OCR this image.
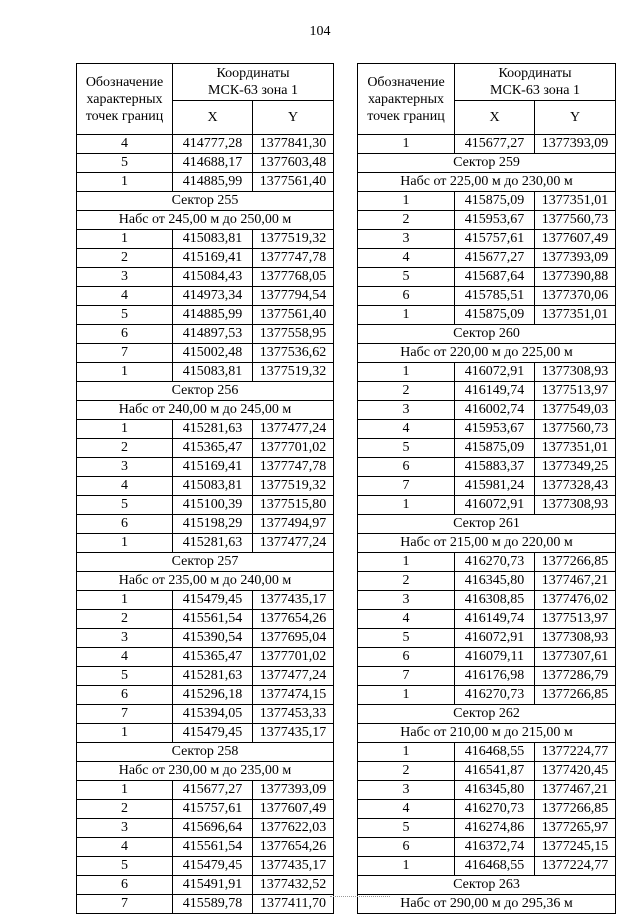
104
Обозначение характерных точек границ	Координаты
МСК-63 зона 1	
	X	Y
4	414777,28	1377841,30
5	414688,17	1377603,48
1	414885,99	1377561,40
Сектор 255		
Набс от 245,00 м до 250,00 м		
1	415083,81	1377519,32
2	415169,41	1377747,78
3	415084,43	1377768,05
4	414973,34	1377794,54
5	414885,99	1377561,40
6	414897,53	1377558,95
7	415002,48	1377536,62
1	415083,81	1377519,32
Сектор 256		
Набс от 240,00 м до 245,00 м		
1	415281,63	1377477,24
2	415365,47	1377701,02
3	415169,41	1377747,78
4	415083,81	1377519,32
5	415100,39	1377515,80
6	415198,29	1377494,97
1	415281,63	1377477,24
Сектор 257		
Набс от 235,00 м до 240,00 м		
1	415479,45	1377435,17
2	415561,54	1377654,26
3	415390,54	1377695,04
4	415365,47	1377701,02
5	415281,63	1377477,24
6	415296,18	1377474,15
7	415394,05	1377453,33
1	415479,45	1377435,17
Сектор 258		
Набс от 230,00 м до 235,00 м		
1	415677,27	1377393,09
2	415757,61	1377607,49
3	415696,64	1377622,03
4	415561,54	1377654,26
5	415479,45	1377435,17
6	415491,91	1377432,52
7	415589,78	1377411,70
Обозначение характерных точек границ	Координаты
МСК-63 зона 1	
	X	Y
1	415677,27	1377393,09
Сектор 259		
Набс от 225,00 м до 230,00 м		
1	415875,09	1377351,01
2	415953,67	1377560,73
3	415757,61	1377607,49
4	415677,27	1377393,09
5	415687,64	1377390,88
6	415785,51	1377370,06
1	415875,09	1377351,01
Сектор 260		
Набс от 220,00 м до 225,00 м		
1	416072,91	1377308,93
2	416149,74	1377513,97
3	416002,74	1377549,03
4	415953,67	1377560,73
5	415875,09	1377351,01
6	415883,37	1377349,25
7	415981,24	1377328,43
1	416072,91	1377308,93
Сектор 261		
Набс от 215,00 м до 220,00 м		
1	416270,73	1377266,85
2	416345,80	1377467,21
3	416308,85	1377476,02
4	416149,74	1377513,97
5	416072,91	1377308,93
6	416079,11	1377307,61
7	416176,98	1377286,79
1	416270,73	1377266,85
Сектор 262		
Набс от 210,00 м до 215,00 м		
1	416468,55	1377224,77
2	416541,87	1377420,45
3	416345,80	1377467,21
4	416270,73	1377266,85
5	416274,86	1377265,97
6	416372,74	1377245,15
1	416468,55	1377224,77
Сектор 263		
Набс от 290,00 м до 295,36 м		
